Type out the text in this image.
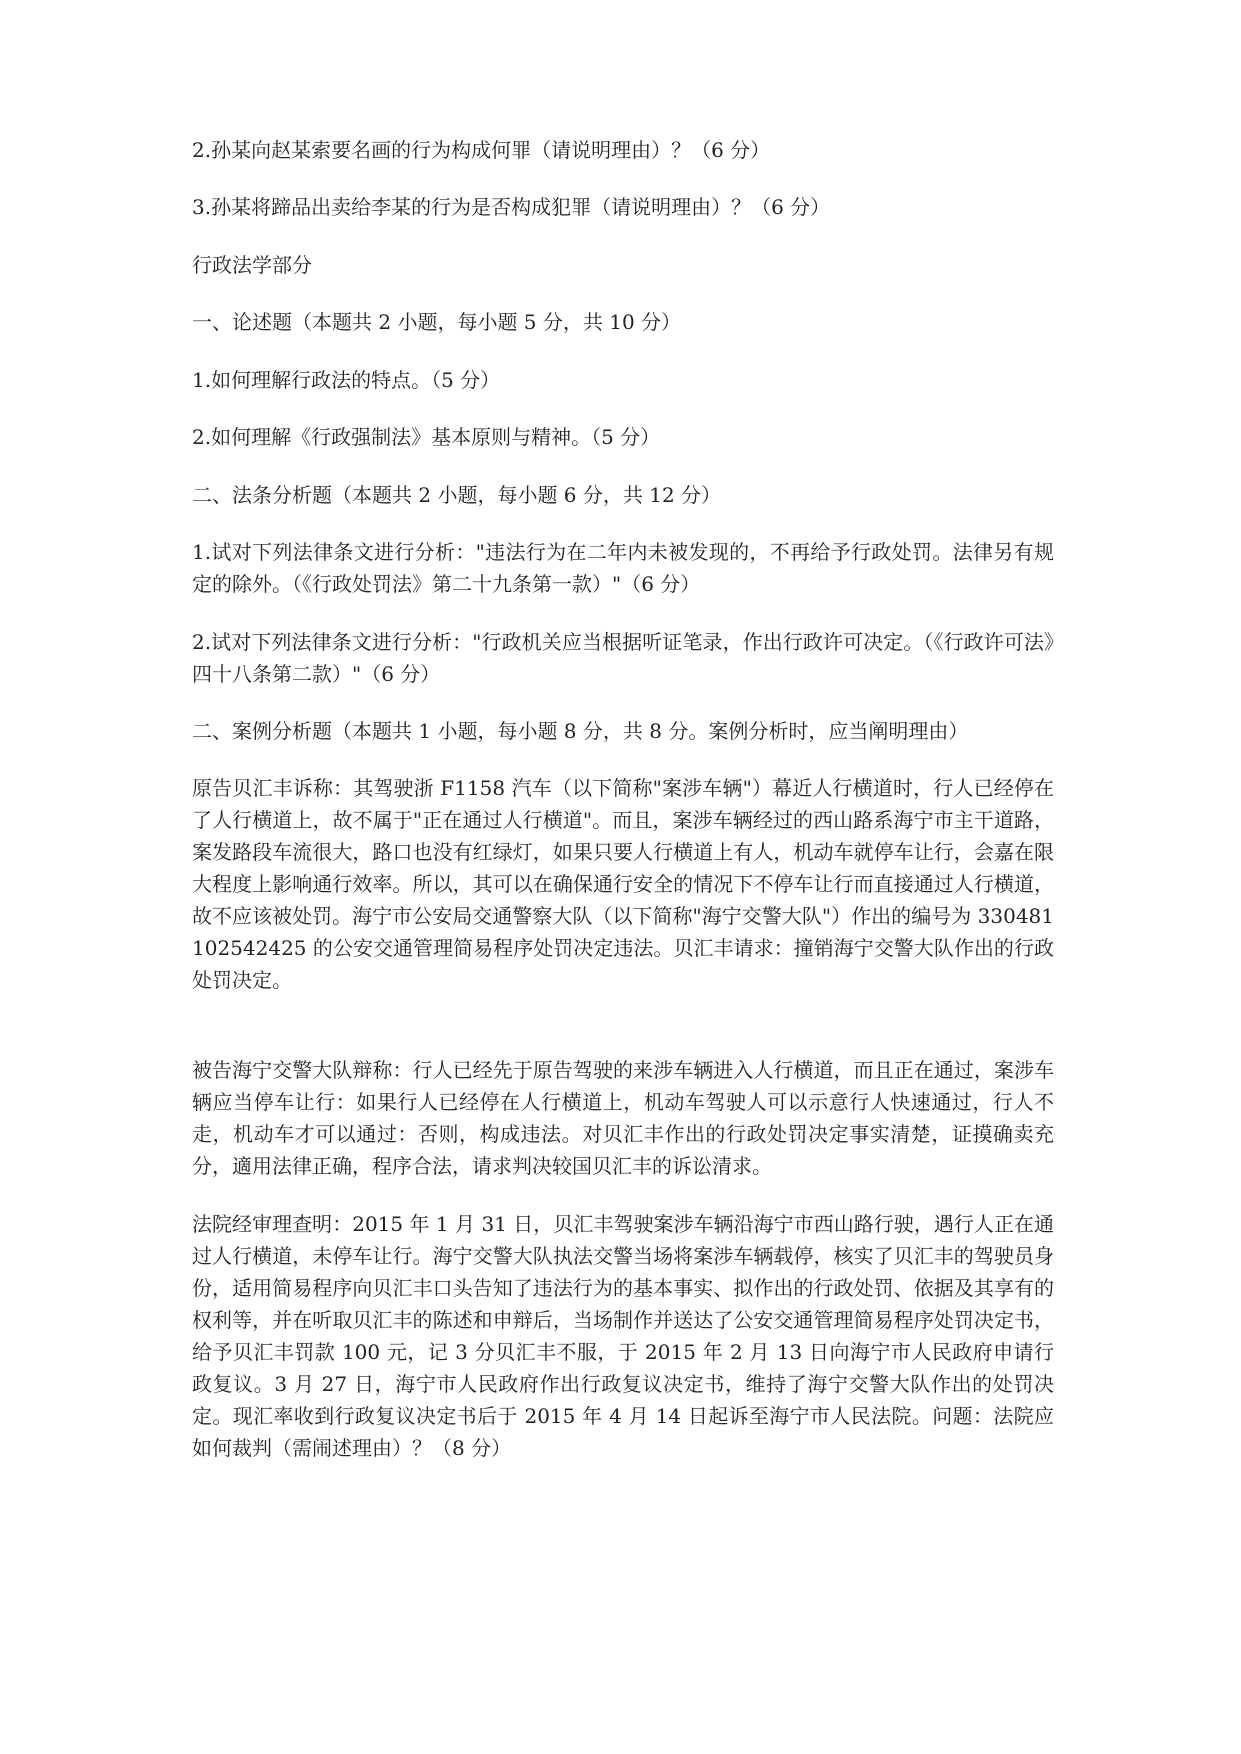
2.孙某向赵某索要名画的行为构成何罪（请说明理由）？（6 分）

3.孙某将蹄品出卖给李某的行为是否构成犯罪（请说明理由）？（6 分）

行政法学部分

一、论述题（本题共 2 小题，每小题 5 分，共 10 分）

1.如何理解行政法的特点。（5 分）

2.如何理解《行政强制法》基本原则与精神。（5 分）

二、法条分析题（本题共 2 小题，每小题 6 分，共 12 分）

1.试对下列法律条文进行分析："违法行为在二年内未被发现的，不再给予行政处罚。法律另有规定的除外。（《行政处罚法》第二十九条第一款）"（6 分）

2.试对下列法律条文进行分析："行政机关应当根据听证笔录，作出行政许可决定。（《行政许可法》四十八条第二款）"（6 分）

二、案例分析题（本题共 1 小题，每小题 8 分，共 8 分。案例分析时，应当阐明理由）

原告贝汇丰诉称：其驾驶浙 F1158 汽车（以下简称"案涉车辆"）幕近人行横道时，行人已经停在了人行横道上，故不属于"正在通过人行横道"。而且，案涉车辆经过的西山路系海宁市主干道路，案发路段车流很大，路口也没有红绿灯，如果只要人行横道上有人，机动车就停车让行，会嘉在限大程度上影响通行效率。所以，其可以在确保通行安全的情况下不停车让行而直接通过人行横道，故不应该被处罚。海宁市公安局交通警察大队（以下简称"海宁交警大队"）作出的编号为 330481102542425 的公安交通管理简易程序处罚决定违法。贝汇丰请求：撞销海宁交警大队作出的行政处罚决定。

被告海宁交警大队辩称：行人已经先于原告驾驶的来涉车辆进入人行横道，而且正在通过，案涉车辆应当停车让行：如果行人已经停在人行横道上，机动车驾驶人可以示意行人快速通过，行人不走，机动车才可以通过：否则，构成违法。对贝汇丰作出的行政处罚决定事实清楚，证摸确卖充分，適用法律正确，程序合法，请求判决较国贝汇丰的诉讼清求。

法院经审理查明：2015 年 1 月 31 日，贝汇丰驾驶案涉车辆沿海宁市西山路行驶，遇行人正在通过人行横道，未停车让行。海宁交警大队执法交警当场将案涉车辆载停，核实了贝汇丰的驾驶员身份，适用简易程序向贝汇丰口头告知了违法行为的基本事实、拟作出的行政处罚、依据及其享有的权利等，并在听取贝汇丰的陈述和申辩后，当场制作并送达了公安交通管理简易程序处罚决定书，给予贝汇丰罚款 100 元，记 3 分贝汇丰不服，于 2015 年 2 月 13 日向海宁市人民政府申请行政复议。3 月 27 日，海宁市人民政府作出行政复议决定书，维持了海宁交警大队作出的处罚决定。现汇率收到行政复议决定书后于 2015 年 4 月 14 日起诉至海宁市人民法院。问题：法院应如何裁判（需闹述理由）？（8 分）
